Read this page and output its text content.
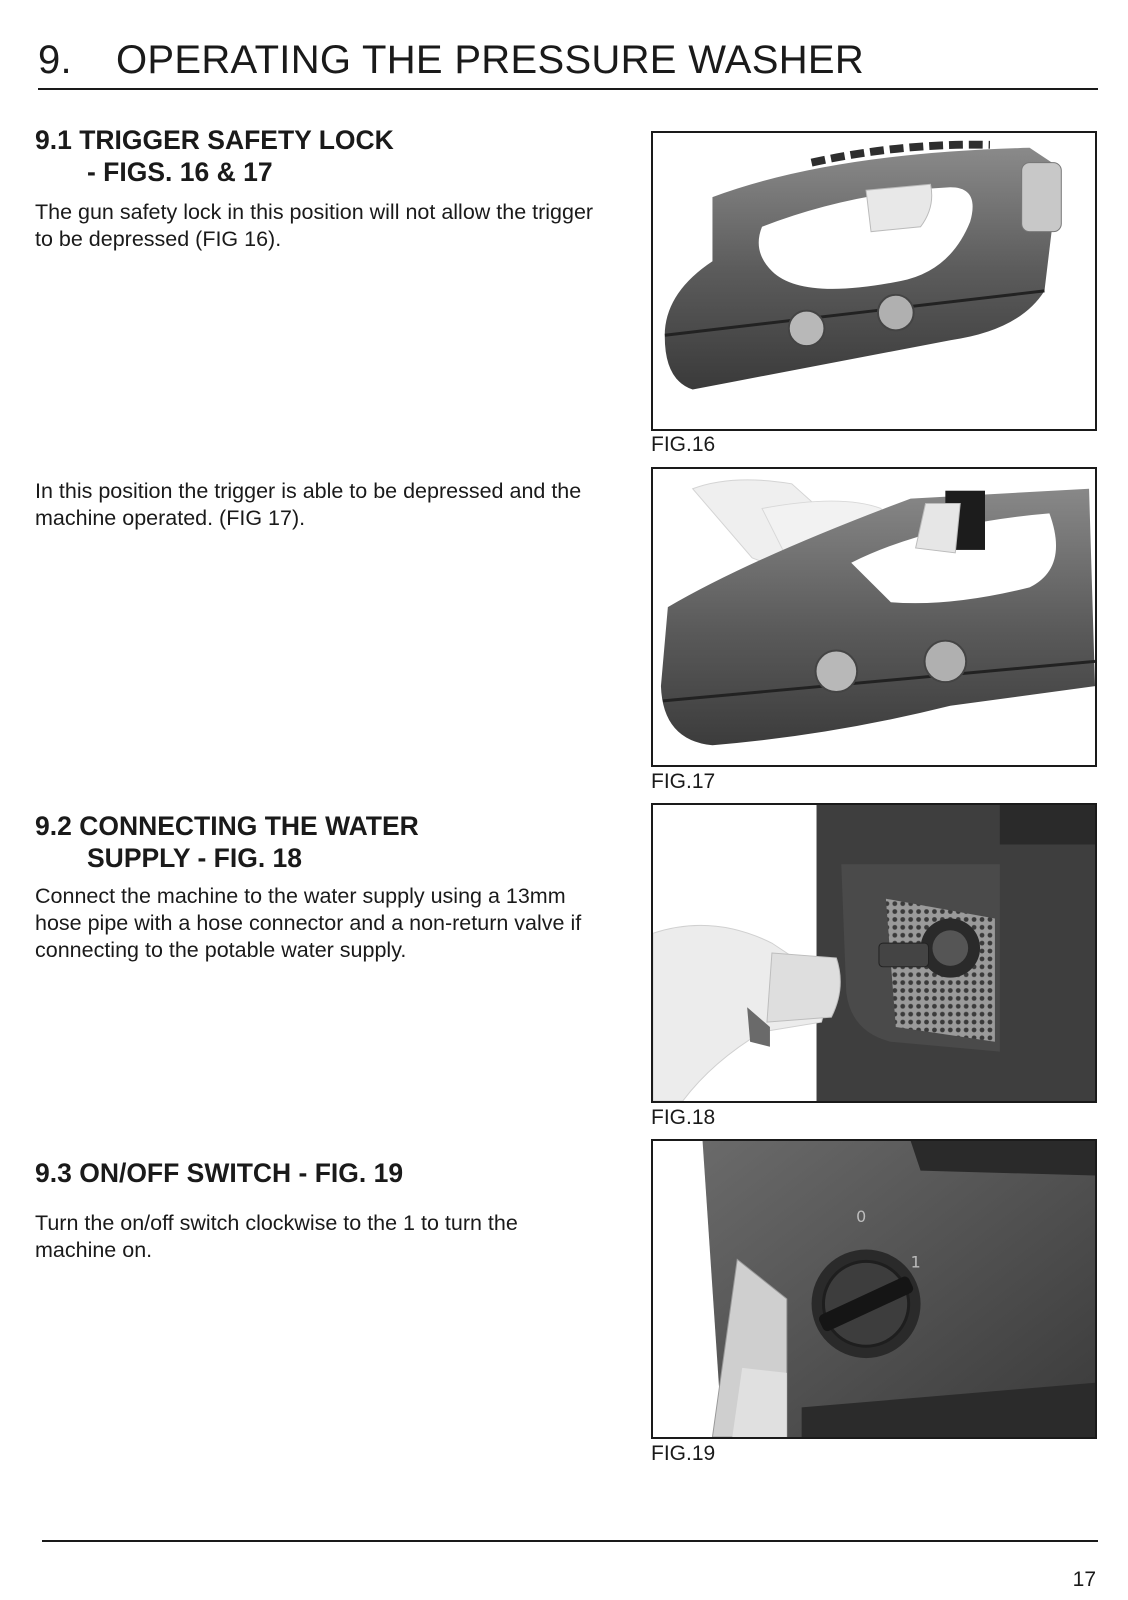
9. OPERATING THE PRESSURE WASHER
9.1 TRIGGER SAFETY LOCK
- FIGS. 16 & 17

The gun safety lock in this position will not allow the trigger to be depressed (FIG 16).

In this position the trigger is able to be depressed and the machine operated. (FIG 17).

9.2 CONNECTING THE WATER
SUPPLY - FIG. 18

Connect the machine to the water supply using a 13mm hose pipe with a hose connector and a non-return valve if connecting to the potable water supply.

9.3 ON/OFF SWITCH - FIG. 19

Turn the on/off switch clockwise to the 1 to turn the machine on.

FIG.16
FIG.17
FIG.18
0
1
FIG.19
17
